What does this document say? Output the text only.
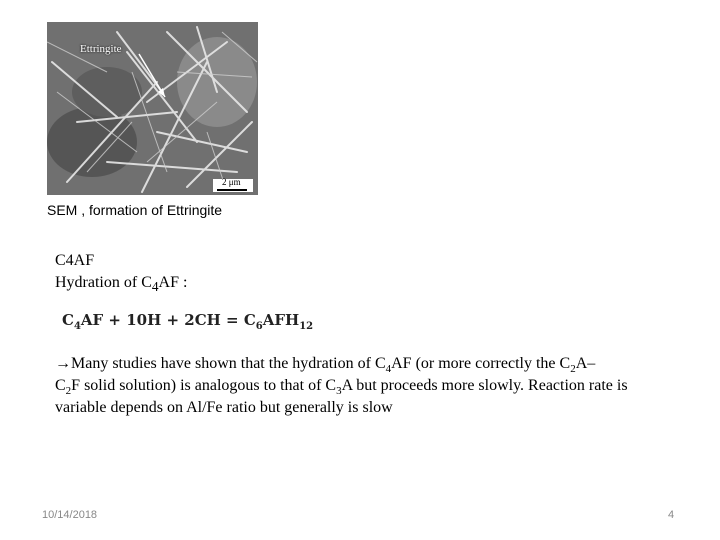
Ettringite
2 μm
SEM , formation of Ettringite
C4AF
Hydration of $C_4AF$ :
$C_4AF + 10H + 2CH = C_6AFH_{12}$
→Many studies have shown that the hydration of $C_4AF$ (or more correctly the $C_2A-$
$C_2F$ solid solution) is analogous to that of $C_3A$ but proceeds more slowly. Reaction rate is variable depends on Al/Fe ratio but generally is slow
10/14/2018	4
